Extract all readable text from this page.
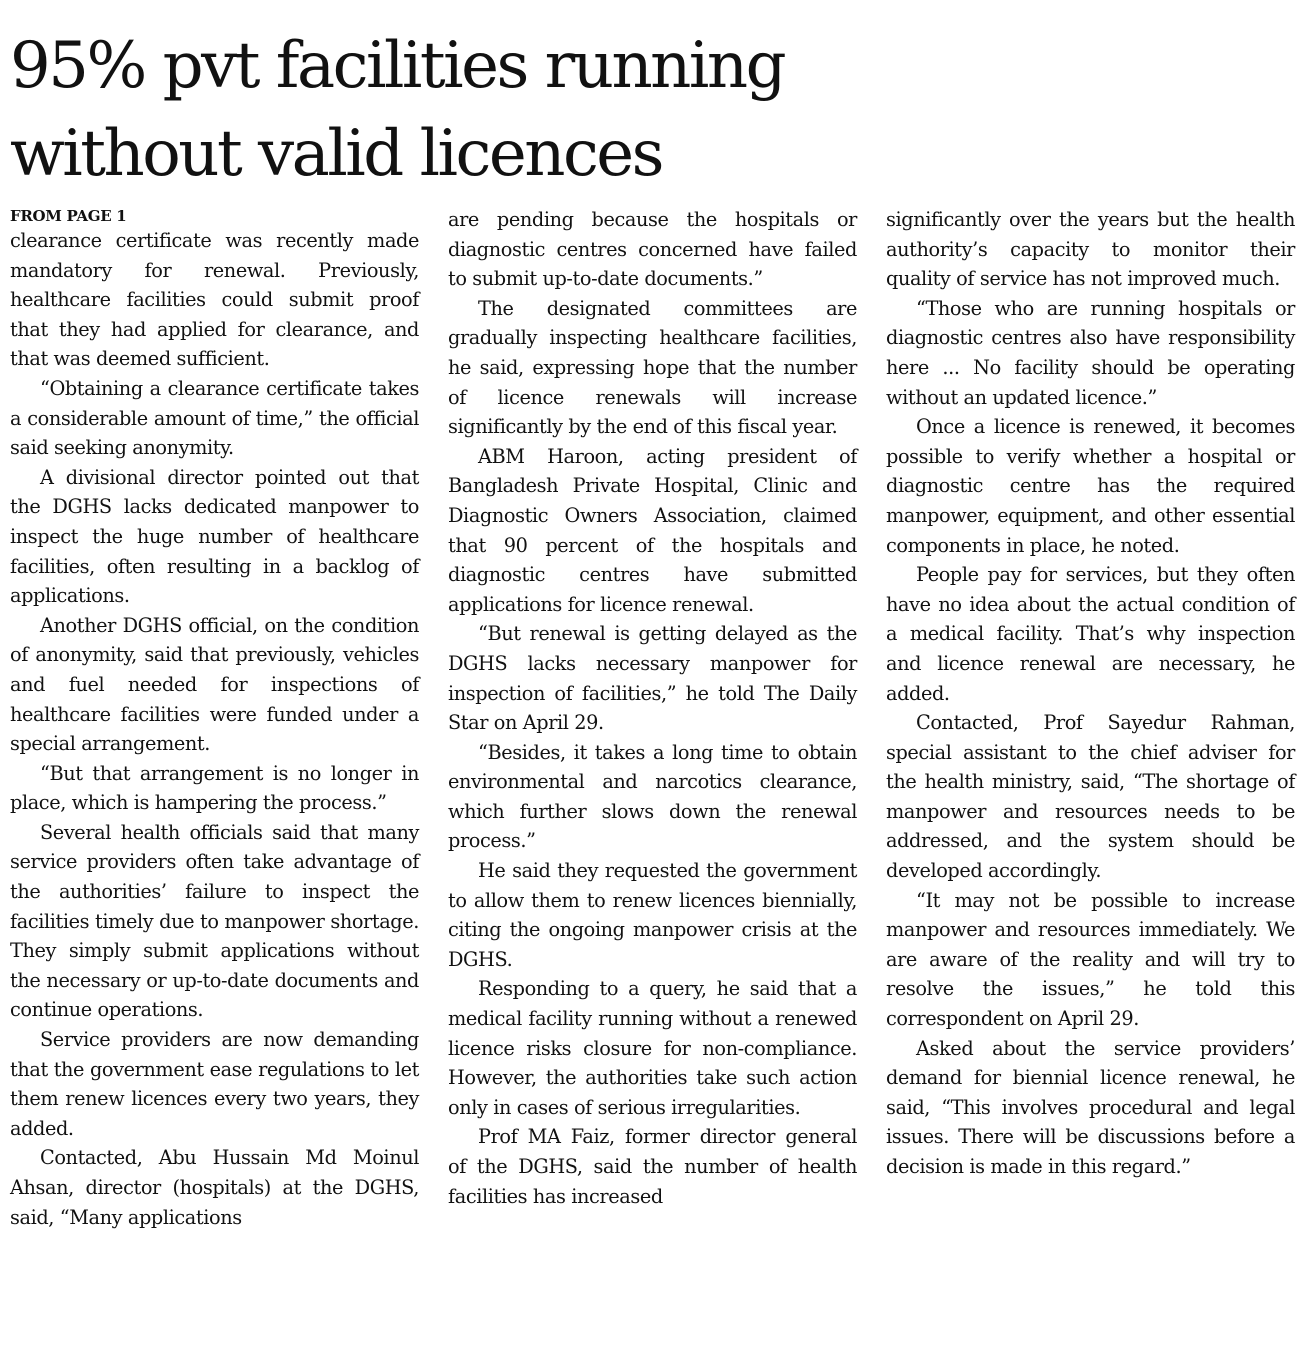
95% pvt facilities running
without valid licences
FROM PAGE 1

clearance certificate was recently made mandatory for renewal. Previously, healthcare facilities could submit proof that they had applied for clearance, and that was deemed sufficient.

“Obtaining a clearance certificate takes a considerable amount of time,” the official said seeking anonymity.

A divisional director pointed out that the DGHS lacks dedicated manpower to inspect the huge number of healthcare facilities, often resulting in a backlog of applications.

Another DGHS official, on the condition of anonymity, said that previously, vehicles and fuel needed for inspections of healthcare facilities were funded under a special arrangement.

“But that arrangement is no longer in place, which is hampering the process.”

Several health officials said that many service providers often take advantage of the authorities’ failure to inspect the facilities timely due to manpower shortage. They simply submit applications without the necessary or up-to-date documents and continue operations.

Service providers are now demanding that the government ease regulations to let them renew licences every two years, they added.

Contacted, Abu Hussain Md Moinul Ahsan, director (hospitals) at the DGHS, said, “Many applications

are pending because the hospitals or diagnostic centres concerned have failed to submit up-to-date documents.”

The designated committees are gradually inspecting healthcare facilities, he said, expressing hope that the number of licence renewals will increase significantly by the end of this fiscal year.

ABM Haroon, acting president of Bangladesh Private Hospital, Clinic and Diagnostic Owners Association, claimed that 90 percent of the hospitals and diagnostic centres have submitted applications for licence renewal.

“But renewal is getting delayed as the DGHS lacks necessary manpower for inspection of facilities,” he told The Daily Star on April 29.

“Besides, it takes a long time to obtain environmental and narcotics clearance, which further slows down the renewal process.”

He said they requested the government to allow them to renew licences biennially, citing the ongoing manpower crisis at the DGHS.

Responding to a query, he said that a medical facility running without a renewed licence risks closure for non-compliance. However, the authorities take such action only in cases of serious irregularities.

Prof MA Faiz, former director general of the DGHS, said the number of health facilities has increased

significantly over the years but the health authority’s capacity to monitor their quality of service has not improved much.

“Those who are running hospitals or diagnostic centres also have responsibility here ... No facility should be operating without an updated licence.”

Once a licence is renewed, it becomes possible to verify whether a hospital or diagnostic centre has the required manpower, equipment, and other essential components in place, he noted.

People pay for services, but they often have no idea about the actual condition of a medical facility. That’s why inspection and licence renewal are necessary, he added.

Contacted, Prof Sayedur Rahman, special assistant to the chief adviser for the health ministry, said, “The shortage of manpower and resources needs to be addressed, and the system should be developed accordingly.

“It may not be possible to increase manpower and resources immediately. We are aware of the reality and will try to resolve the issues,” he told this correspondent on April 29.

Asked about the service providers’ demand for biennial licence renewal, he said, “This involves procedural and legal issues. There will be discussions before a decision is made in this regard.”
